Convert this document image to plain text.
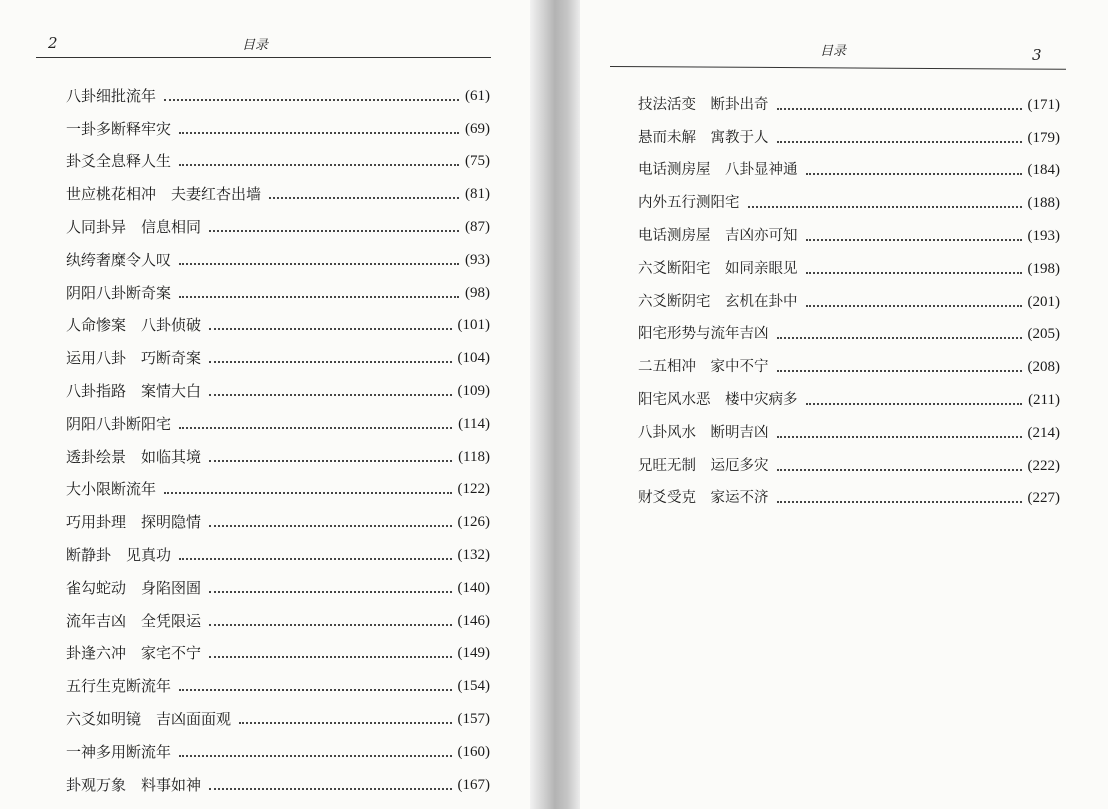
2	目录
八卦细批流年	(61)
一卦多断释牢灾	(69)
卦爻全息释人生	(75)
世应桃花相冲　夫妻红杏出墙	(81)
人同卦异　信息相同	(87)
纨绔奢糜令人叹	(93)
阴阳八卦断奇案	(98)
人命惨案　八卦侦破	(101)
运用八卦　巧断奇案	(104)
八卦指路　案情大白	(109)
阴阳八卦断阳宅	(114)
透卦绘景　如临其境	(118)
大小限断流年	(122)
巧用卦理　探明隐情	(126)
断静卦　见真功	(132)
雀勾蛇动　身陷囹圄	(140)
流年吉凶　全凭限运	(146)
卦逢六冲　家宅不宁	(149)
五行生克断流年	(154)
六爻如明镜　吉凶面面观	(157)
一神多用断流年	(160)
卦观万象　料事如神	(167)
目录	3
技法活变　断卦出奇	(171)
悬而未解　寓教于人	(179)
电话测房屋　八卦显神通	(184)
内外五行测阳宅	(188)
电话测房屋　吉凶亦可知	(193)
六爻断阳宅　如同亲眼见	(198)
六爻断阴宅　玄机在卦中	(201)
阳宅形势与流年吉凶	(205)
二五相冲　家中不宁	(208)
阳宅风水恶　楼中灾病多	(211)
八卦风水　断明吉凶	(214)
兄旺无制　运厄多灾	(222)
财爻受克　家运不济	(227)
